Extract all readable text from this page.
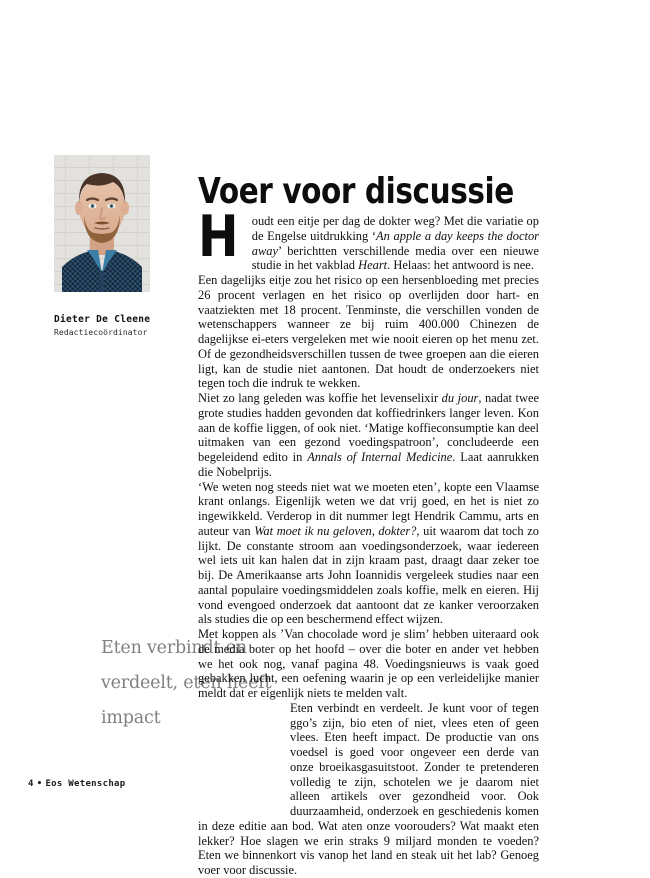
Dieter De Cleene
Redactiecoördinator
Eten verbindt en verdeelt, eten heeft impact
Voer voor discussie

H oudt een eitje per dag de dokter weg? Met die variatie op de Engelse uitdrukking ‘An apple a day keeps the doctor away’ berichtten verschillende media over een nieuwe studie in het vakblad Heart. Helaas: het antwoord is nee.

Een dagelijks eitje zou het risico op een hersenbloeding met precies 26 procent verlagen en het risico op overlijden door hart- en vaatziekten met 18 procent. Tenminste, die verschillen vonden de wetenschappers wanneer ze bij ruim 400.000 Chinezen de dagelijkse ei-eters vergeleken met wie nooit eieren op het menu zet. Of de gezondheidsverschillen tussen de twee groepen aan die eieren ligt, kan de studie niet aantonen. Dat houdt de onderzoekers niet tegen toch die indruk te wekken.

Niet zo lang geleden was koffie het levenselixir du jour, nadat twee grote studies hadden gevonden dat koffiedrinkers langer leven. Kon aan de koffie liggen, of ook niet. ‘Matige koffieconsumptie kan deel uitmaken van een gezond voedingspatroon’, concludeerde een begeleidend edito in Annals of Internal Medicine. Laat aanrukken die Nobelprijs.

‘We weten nog steeds niet wat we moeten eten’, kopte een Vlaamse krant onlangs. Eigenlijk weten we dat vrij goed, en het is niet zo ingewikkeld. Verderop in dit nummer legt Hendrik Cammu, arts en auteur van Wat moet ik nu geloven, dokter?, uit waarom dat toch zo lijkt. De constante stroom aan voedingsonderzoek, waar iedereen wel iets uit kan halen dat in zijn kraam past, draagt daar zeker toe bij. De Amerikaanse arts John Ioannidis vergeleek studies naar een aantal populaire voedingsmiddelen zoals koffie, melk en eieren. Hij vond evengoed onderzoek dat aantoont dat ze kanker veroorzaken als studies die op een beschermend effect wijzen.

Met koppen als ’Van chocolade word je slim’ hebben uiteraard ook de media boter op het hoofd – over die boter en ander vet hebben we het ook nog, vanaf pagina 48. Voedingsnieuws is vaak goed gebakken lucht, een oefening waarin je op een verleidelijke manier meldt dat er eigenlijk niets te melden valt.

Eten verbindt en verdeelt. Je kunt voor of tegen ggo’s zijn, bio eten of niet, vlees eten of geen vlees. Eten heeft impact. De productie van ons voedsel is goed voor ongeveer een derde van onze broeikasgasuitstoot. Zonder te pretenderen volledig te zijn, schotelen we je daarom niet alleen artikels over gezondheid voor. Ook duurzaamheid, onderzoek en geschiedenis komen in deze editie aan bod. Wat aten onze voorouders? Wat maakt eten lekker? Hoe slagen we erin straks 9 miljard monden te voeden? Eten we binnenkort vis vanop het land en steak uit het lab? Genoeg voer voor discussie.

4 • Eos Wetenschap
